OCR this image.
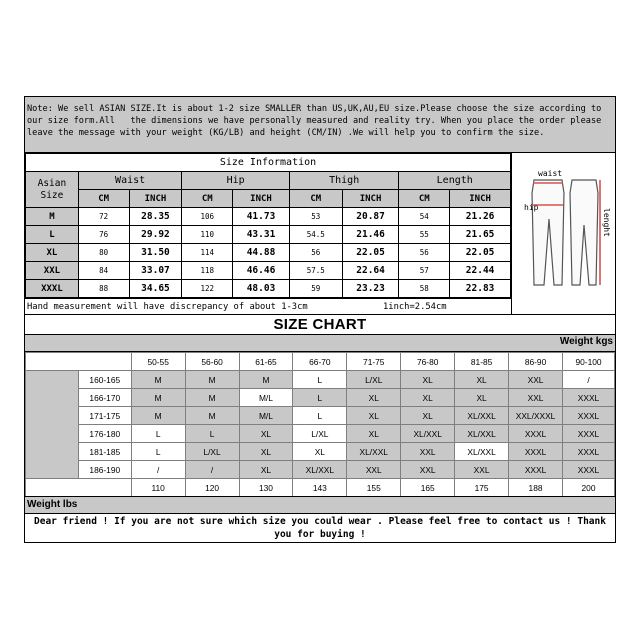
Note: We sell ASIAN SIZE.It is about 1-2 size SMALLER than US,UK,AU,EU size.Please choose the size according to our size form.All   the dimensions we have personally measured and reality try. When you place the order please leave the message with your weight (KG/LB) and height (CM/IN) .We will help you to confirm the size.
Size Information								
Asian Size	Waist		Hip		Thigh		Length	
	CM	INCH	CM	INCH	CM	INCH	CM	INCH
M	72	28.35	106	41.73	53	20.87	54	21.26
L	76	29.92	110	43.31	54.5	21.46	55	21.65
XL	80	31.50	114	44.88	56	22.05	56	22.05
XXL	84	33.07	118	46.46	57.5	22.64	57	22.44
XXXL	88	34.65	122	48.03	59	23.23	58	22.83
waist
hip
lenght
Hand measurement will have discrepancy of about 1-3cm	1inch=2.54cm
SIZE CHART
Weight kgs
		50-55	56-60	61-65	66-70	71-75	76-80	81-85	86-90	90-100
	160-165	M	M	M	L	L/XL	XL	XL	XXL	/
	166-170	M	M	M/L	L	XL	XL	XL	XXL	XXXL
	171-175	M	M	M/L	L	XL	XL	XL/XXL	XXL/XXXL	XXXL
	176-180	L	L	XL	L/XL	XL	XL/XXL	XL/XXL	XXXL	XXXL
	181-185	L	L/XL	XL	XL	XL/XXL	XXL	XL/XXL	XXXL	XXXL
	186-190	/	/	XL	XL/XXL	XXL	XXL	XXL	XXXL	XXXL
		110	120	130	143	155	165	175	188	200
Weight lbs
Dear friend ! If you are not sure which size you could wear . Please feel free to contact us ! Thank you for buying !
